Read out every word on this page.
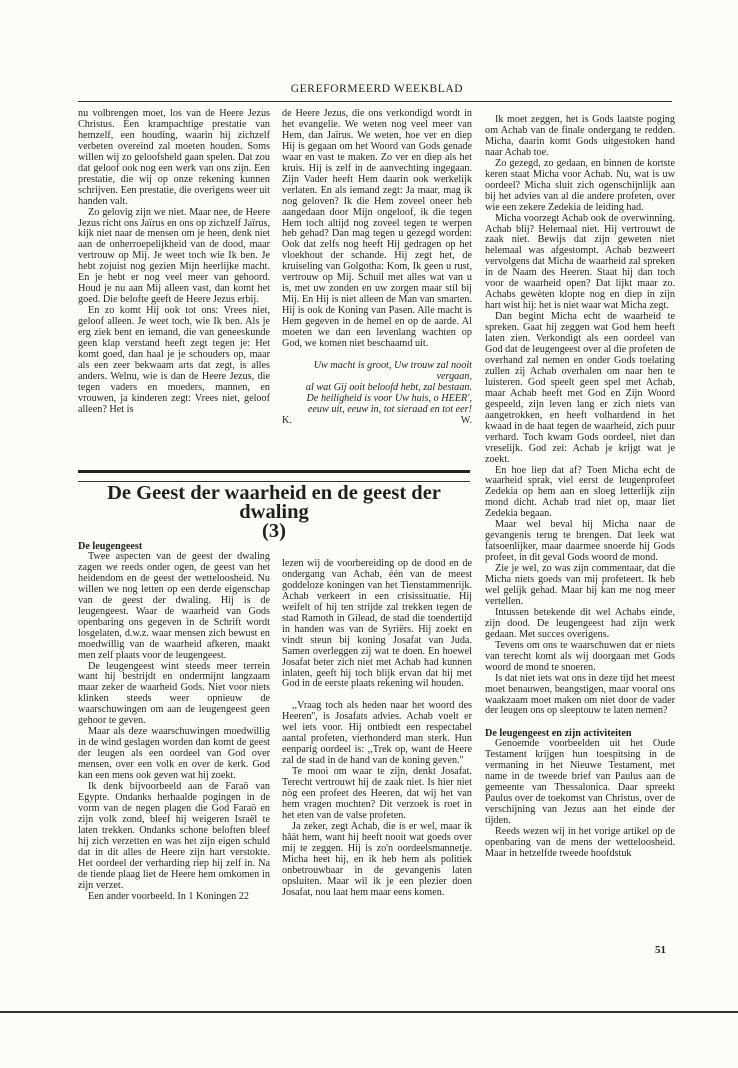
GEREFORMEERD WEEKBLAD

nu volbrengen moet, los van de Heere Jezus Christus. Een krampachtige prestatie van hemzelf, een houding, waarin hij zichzelf verbeten overeind zal moeten houden. Soms willen wij zo geloofsheld gaan spelen. Dat zou dat geloof ook nog een werk van ons zijn. Een prestatie, die wij op onze rekening kunnen schrijven. Een prestatie, die overigens weer uit handen valt.

Zo gelovig zijn we niet. Maar nee, de Heere Jezus richt ons Jaïrus en ons op zichzelf Jaïrus, kijk niet naar de mensen om je heen, denk niet aan de onherroepelijkheid van de dood, maar vertrouw op Mij. Je weet toch wie Ik ben. Je hebt zojuist nog gezien Mijn heerlijke macht. En je hebt er nog veel meer van gehoord. Houd je nu aan Mij alleen vast, dan komt het goed. Die belofte geeft de Heere Jezus erbij.

En zo komt Hij ook tot ons: Vrees niet, geloof alleen. Je weet toch, wie Ik ben. Als je erg ziek bent en iemand, die van geneeskunde geen klap verstand heeft zegt tegen je: Het komt goed, dan haal je je schouders op, maar als een zeer bekwaam arts dat zegt, is alles anders. Welnu, wie is dan de Heere Jezus, die tegen vaders en moeders, mannen, en vrouwen, ja kinderen zegt: Vrees niet, geloof alleen? Het is

de Heere Jezus, die ons verkondigd wordt in het evangelie. We weten nog veel meer van Hem, dan Jaïrus. We weten, hoe ver en diep Hij is gegaan om het Woord van Gods genade waar en vast te maken. Zo ver en diep als het kruis. Hij is zelf in de aanvechting ingegaan. Zijn Vader heeft Hem daarin ook werkelijk verlaten. En als iemand zegt: Ja maar, mag ik nog geloven? Ik die Hem zoveel oneer heb aangedaan door Mijn ongeloof, ik die tegen Hem toch altijd nog zoveel tegen te werpen heb gehad? Dan mag tegen u gezegd worden: Ook dat zelfs nog heeft Hij gedragen op het vloekhout der schande. Hij zegt het, de kruiseling van Golgotha: Kom, Ik geen u rust, vertrouw op Mij. Schuil met alles wat van u is, met uw zonden en uw zorgen maar stil bij Mij. En Hij is niet alleen de Man van smarten. Hij is ook de Koning van Pasen. Alle macht is Hem gegeven in de hemel en op de aarde. Al moeten we dan een levenlang wachten op God, we komen niet beschaamd uit.

Uw macht is groot, Uw trouw zal nooit
vergaan,
al wat Gij ooit beloofd hebt, zal bestaan.
De heiligheid is voor Uw huis, o HEER',
eeuw uit, eeuw in, tot sieraad en tot eer!
K.	W.
De Geest der waarheid en de geest der dwaling
(3)
De leugengeest

Twee aspecten van de geest der dwaling zagen we reeds onder ogen, de geest van het heidendom en de geest der wetteloosheid. Nu willen we nog letten op een derde eigenschap van de geest der dwaling. Hij is de leugengeest. Waar de waarheid van Gods openbaring ons gegeven in de Schrift wordt losgelaten, d.w.z. waar mensen zich bewust en moedwillig van de waarheid afkeren, maakt men zelf plaats voor de leugengeest.

De leugengeest wint steeds meer terrein want hij bestrijdt en ondermijnt langzaam maar zeker de waarheid Gods. Niet voor niets klinken steeds weer opnieuw de waarschuwingen om aan de leugengeest geen gehoor te geven.

Maar als deze waarschuwingen moedwillig in de wind geslagen worden dan komt de geest der leugen als een oordeel van God over mensen, over een volk en over de kerk. God kan een mens ook geven wat hij zoekt.

Ik denk bijvoorbeeld aan de Faraö van Egypte. Ondanks herhaalde pogingen in de vorm van de negen plagen die God Faraö en zijn volk zond, bleef hij weigeren Israël te laten trekken. Ondanks schone beloften bleef hij zich verzetten en was het zijn eigen schuld dat in dit alles de Heere zijn hart verstokte. Het oordeel der verharding riep hij zelf in. Na de tiende plaag liet de Heere hem omkomen in zijn verzet.

Een ander voorbeeld. In 1 Koningen 22

lezen wij de voorbereiding op de dood en de ondergang van Achab, één van de meest goddeloze koningen van het Tienstammenrijk. Achab verkeert in een crisissituatie. Hij weifelt of hij ten strijde zal trekken tegen de stad Ramoth in Gilead, de stad die toendertijd in handen was van de Syriërs. Hij zoekt en vindt steun bij koning Josafat van Juda. Samen overleggen zij wat te doen. En hoewel Josafat beter zich niet met Achab had kunnen inlaten, geeft hij toch blijk ervan dat hij met God in de eerste plaats rekening wil houden.

,,Vraag toch als heden naar het woord des Heeren'', is Josafats advies. Achab voelt er wel iets voor. Hij ontbiedt een respectabel aantal profeten, vierhonderd man sterk. Hun eenparig oordeel is: ,,Trek op, want de Heere zal de stad in de hand van de koning geven.''

Te mooi om waar te zijn, denkt Josafat. Terecht vertrouwt hij de zaak niet. Is hier niet nòg een profeet des Heeren, dat wij het van hem vragen mochten? Dit verzoek is roet in het eten van de valse profeten.

Ja zeker, zegt Achab, die is er wel, maar ik hâát hem, want hij heeft nooit wat goeds over mij te zeggen. Hij is zo'n oordeelsmannetje. Micha heet hij, en ik heb hem als politiek onbetrouwbaar in de gevangenis laten opsluiten. Maar wil ik je een plezier doen Josafat, nou laat hem maar eens komen.

Ik moet zeggen, het is Gods laatste poging om Achab van de finale ondergang te redden. Micha, daarin komt Gods uitgestoken hand naar Achab toe.

Zo gezegd, zo gedaan, en binnen de kortste keren staat Micha voor Achab. Nu, wat is uw oordeel? Micha sluit zich ogenschijnlijk aan bij het advies van al die andere profeten, over wie een zekere Zedekia de leiding had.

Micha voorzegt Achab ook de overwinning. Achab blij? Helemaal niet. Hij vertrouwt de zaak niet. Bewijs dat zijn geweten niet helemaal was afgestompt. Achab bezweert vervolgens dat Micha de waarheid zal spreken in de Naam des Heeren. Staat hij dan toch voor de waarheid open? Dat lijkt maar zo. Achabs gewèten klopte nog en diep in zijn hart wist hij: het is niet waar wat Micha zegt.

Dan begint Micha echt de waarheid te spreken. Gaat hij zeggen wat God hem heeft laten zien. Verkondigt als een oordeel van God dat de leugengeest over al die profeten de overhand zal nemen en onder Gods toelating zullen zij Achab overhalen om naar hen te luisteren. God speelt geen spel met Achab, maar Achab heeft met God en Zijn Woord gespeeld, zijn leven lang er zich niets van aangetrokken, en heeft volhardend in het kwaad in de haat tegen de waarheid, zich puur verhard. Toch kwam Gods oordeel, niet dan vreselijk. God zei: Achab je krijgt wat je zoekt.

En hoe liep dat af? Toen Micha echt de waarheid sprak, viel eerst de leugenprofeet Zedekia op hem aan en sloeg letterlijk zijn mond dicht. Achab trad niet op, maar liet Zedekia begaan.

Maar wel beval hij Micha naar de gevangenis terug te brengen. Dat leek wat fatsoenlijker, maar daarmee snoerde hij Gods profeet, in dit geval Gods woord de mond.

Zie je wel, zo was zijn commentaar, dat die Micha niets goeds van mij profeteert. Ik heb wel gelijk gehad. Maar hij kan me nog meer vertellen.

Intussen betekende dit wel Achabs einde, zijn dood. De leugengeest had zijn werk gedaan. Met succes overigens.

Tevens om ons te waarschuwen dat er niets van terecht komt als wij doorgaan met Gods woord de mond te snoeren.

Is dat niet iets wat ons in deze tijd het meest moet benauwen, beangstigen, maar vooral ons waakzaam moet maken om niet door de vader der leugen ons op sleeptouw te laten nemen?

De leugengeest en zijn activiteiten

Genoemde voorbeelden uit het Oude Testament krijgen hun toespitsing in de vermaning in het Nieuwe Testament, met name in de tweede brief van Paulus aan de gemeente van Thessalonica. Daar spreekt Paulus over de toekomst van Christus, over de verschijning van Jezus aan het einde der tijden.

Reeds wezen wij in het vorige artikel op de openbaring van de mens der wetteloosheid. Maar in hetzelfde tweede hoofdstuk

51
